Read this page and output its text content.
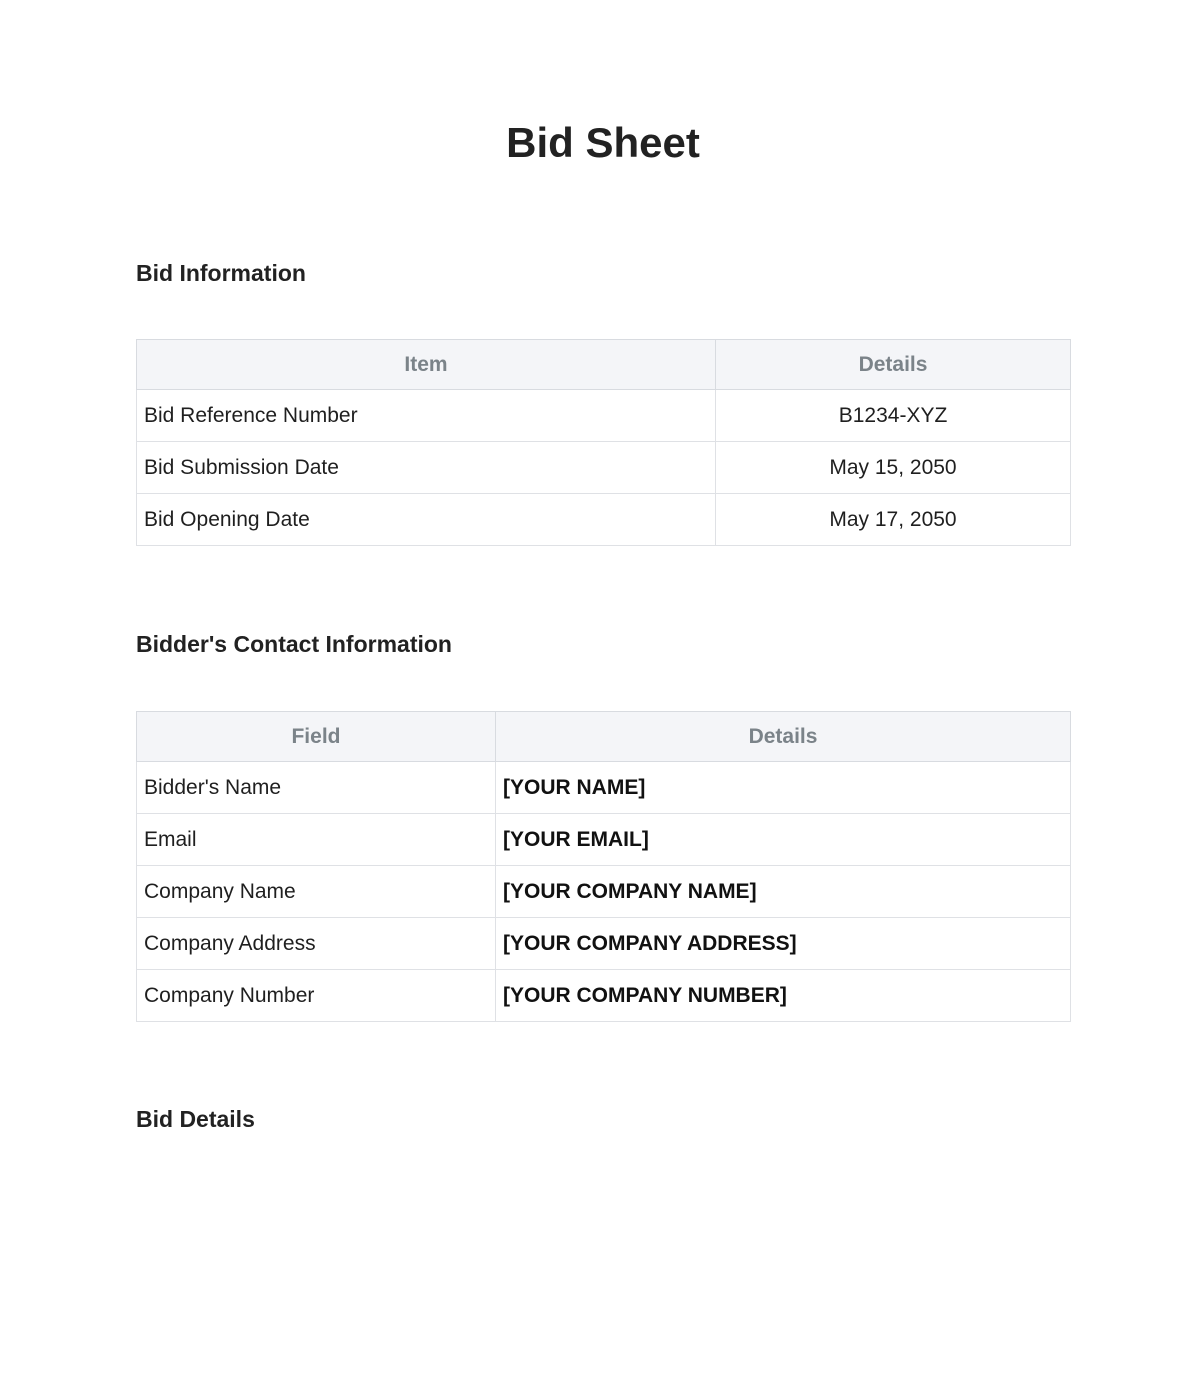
Bid Sheet
Bid Information
Item	Details
Bid Reference Number	B1234-XYZ
Bid Submission Date	May 15, 2050
Bid Opening Date	May 17, 2050
Bidder's Contact Information
Field	Details
Bidder's Name	[YOUR NAME]
Email	[YOUR EMAIL]
Company Name	[YOUR COMPANY NAME]
Company Address	[YOUR COMPANY ADDRESS]
Company Number	[YOUR COMPANY NUMBER]
Bid Details
